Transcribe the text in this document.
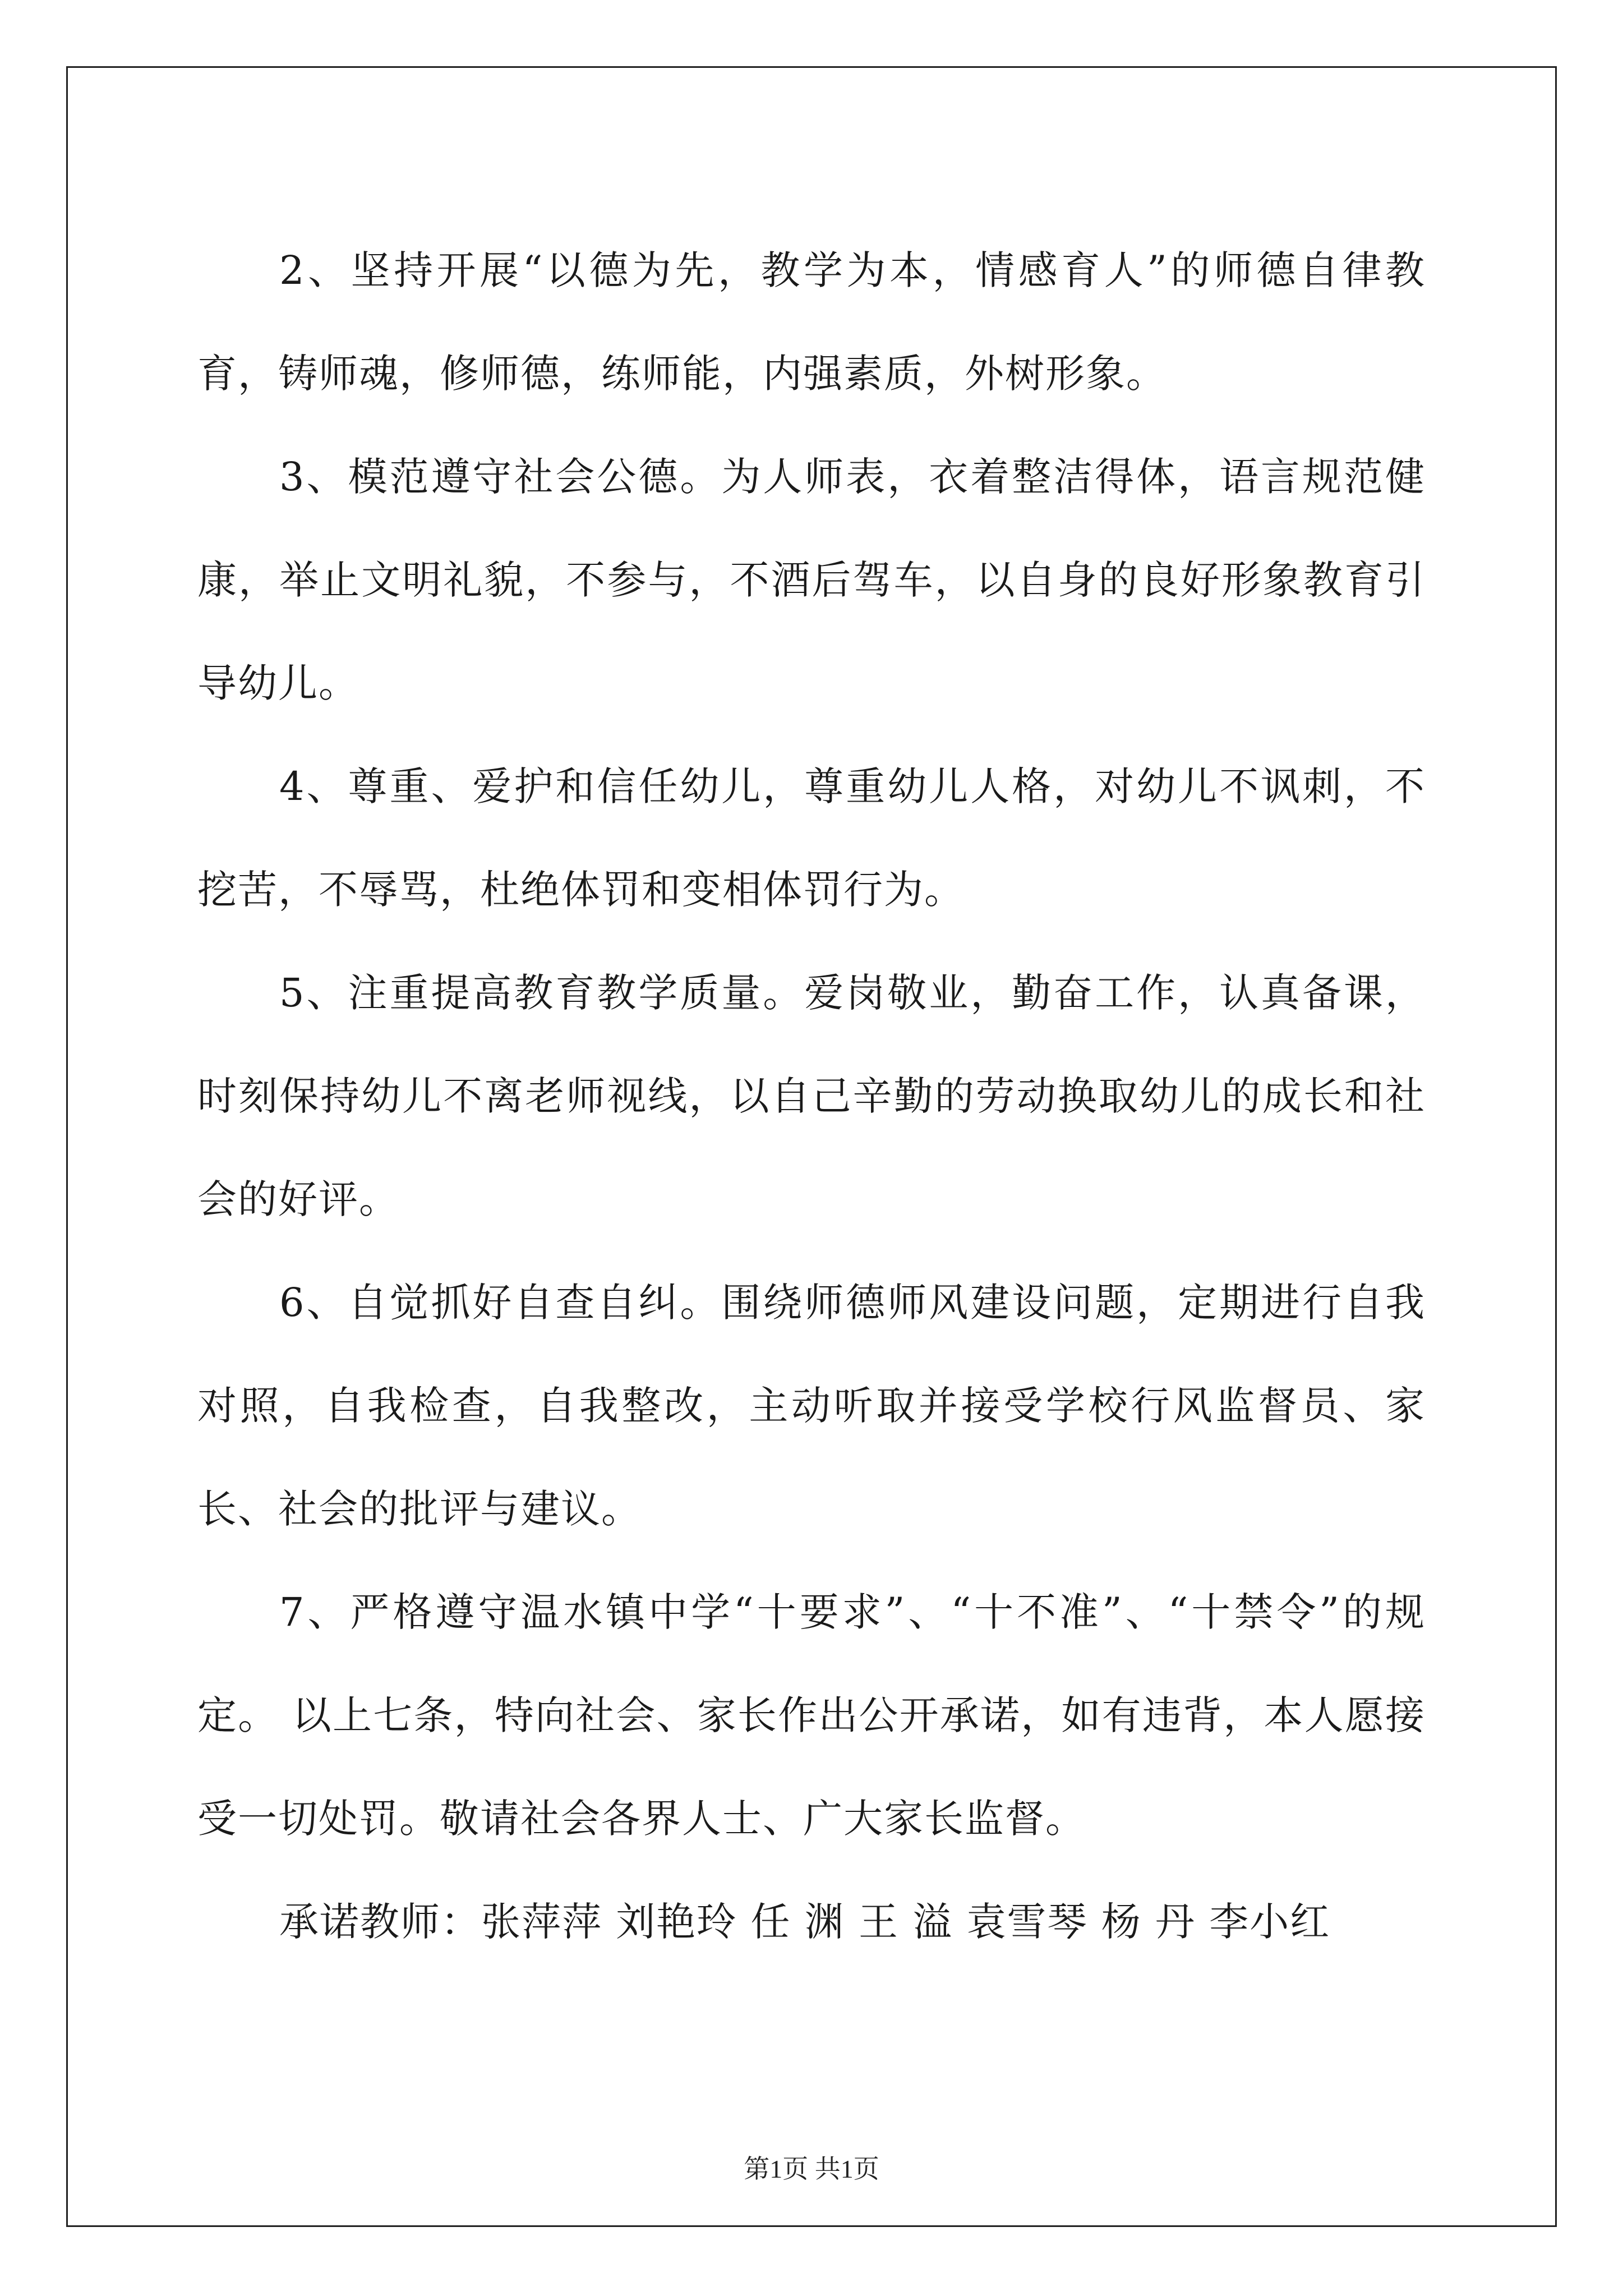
2、坚持开展“以德为先，教学为本，情感育人”的师德自律教育，铸师魂，修师德，练师能，内强素质，外树形象。

3、模范遵守社会公德。为人师表，衣着整洁得体，语言规范健康，举止文明礼貌，不参与，不酒后驾车，以自身的良好形象教育引导幼儿。

4、尊重、爱护和信任幼儿，尊重幼儿人格，对幼儿不讽刺，不挖苦，不辱骂，杜绝体罚和变相体罚行为。

5、注重提高教育教学质量。爱岗敬业，勤奋工作，认真备课，时刻保持幼儿不离老师视线，以自己辛勤的劳动换取幼儿的成长和社会的好评。

6、自觉抓好自查自纠。围绕师德师风建设问题，定期进行自我对照，自我检查，自我整改，主动听取并接受学校行风监督员、家长、社会的批评与建议。

7、严格遵守温水镇中学“十要求”、“十不准”、“十禁令”的规定。 以上七条，特向社会、家长作出公开承诺，如有违背，本人愿接受一切处罚。敬请社会各界人士、广大家长监督。

承诺教师：张萍萍 刘艳玲 任 渊 王 溢 袁雪琴 杨 丹 李小红

第1页 共1页
